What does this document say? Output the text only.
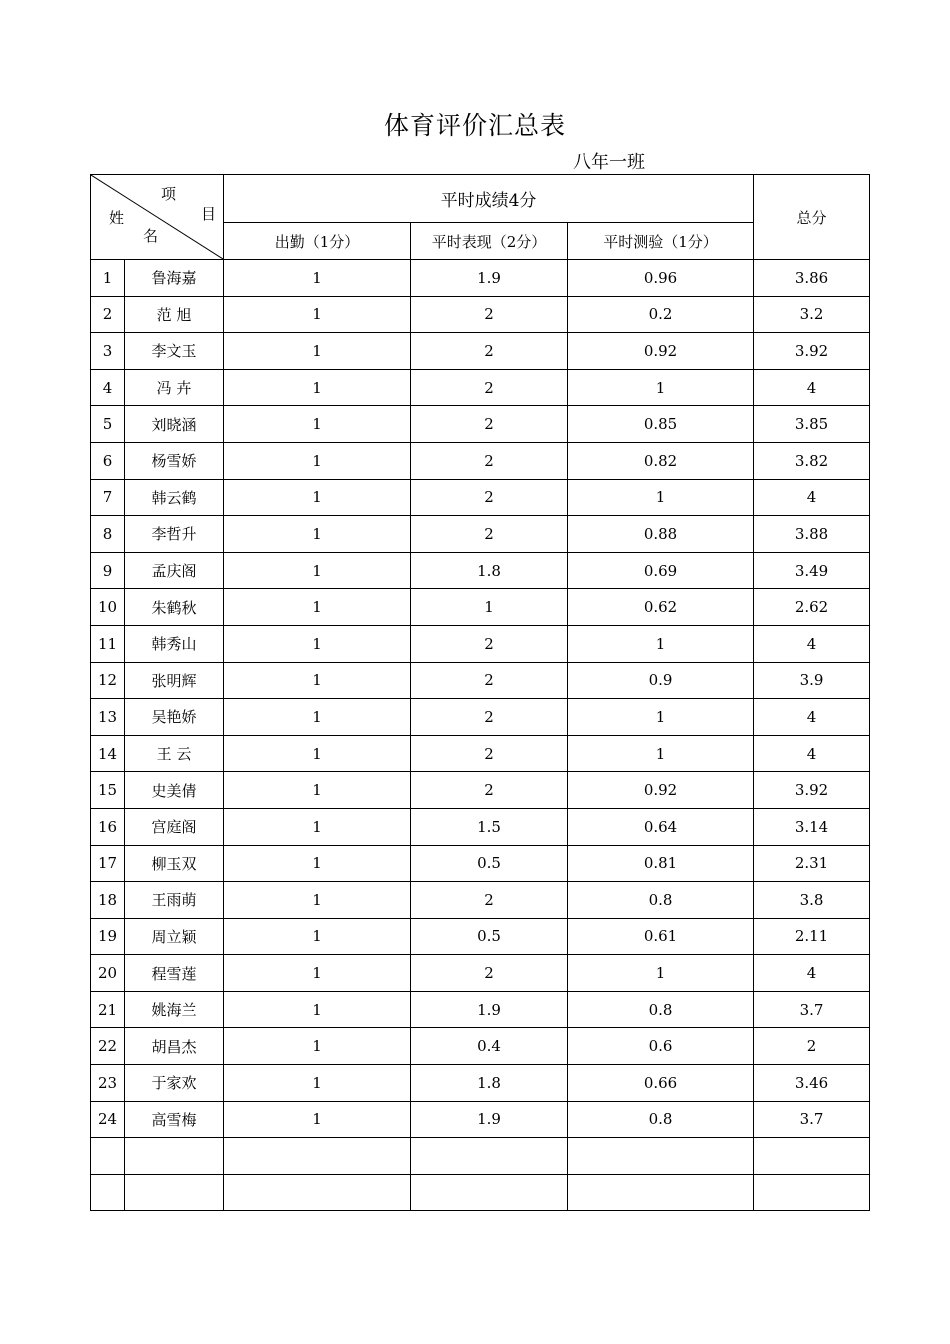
体育评价汇总表
八年一班
项
目
姓
名		平时成绩4分			总分
		出勤（1分）	平时表现（2分）	平时测验（1分）	
1	鲁海嘉	1	1.9	0.96	3.86
2	范 旭	1	2	0.2	3.2
3	李文玉	1	2	0.92	3.92
4	冯 卉	1	2	1	4
5	刘晓涵	1	2	0.85	3.85
6	杨雪娇	1	2	0.82	3.82
7	韩云鹤	1	2	1	4
8	李哲升	1	2	0.88	3.88
9	孟庆阁	1	1.8	0.69	3.49
10	朱鹤秋	1	1	0.62	2.62
11	韩秀山	1	2	1	4
12	张明辉	1	2	0.9	3.9
13	吴艳娇	1	2	1	4
14	王 云	1	2	1	4
15	史美倩	1	2	0.92	3.92
16	宫庭阁	1	1.5	0.64	3.14
17	柳玉双	1	0.5	0.81	2.31
18	王雨萌	1	2	0.8	3.8
19	周立颖	1	0.5	0.61	2.11
20	程雪莲	1	2	1	4
21	姚海兰	1	1.9	0.8	3.7
22	胡昌杰	1	0.4	0.6	2
23	于家欢	1	1.8	0.66	3.46
24	高雪梅	1	1.9	0.8	3.7
